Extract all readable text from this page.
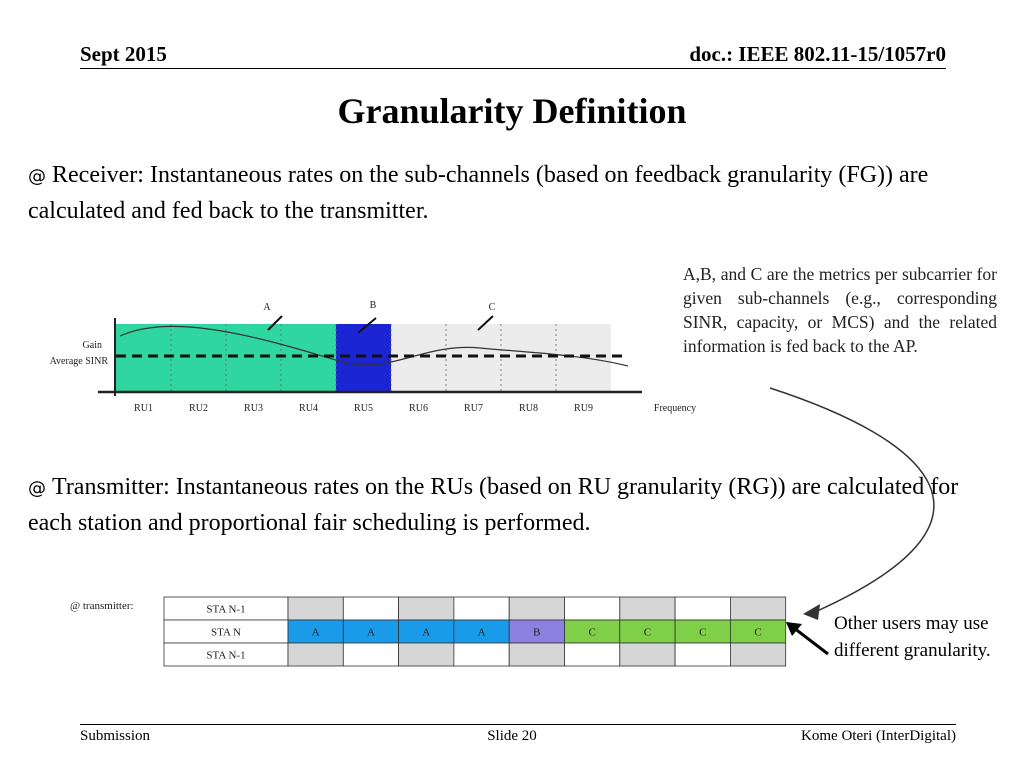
Sept 2015	doc.: IEEE 802.11-15/1057r0
Granularity Definition
@ Receiver: Instantaneous rates on the sub-channels (based on feedback granularity (FG)) are calculated and fed back to the transmitter.
Gain
Average SINR
Frequency
RU1	RU2	RU3	RU4	RU5	RU6	RU7	RU8	RU9
A	B	C
A,B, and C are the metrics per subcarrier for given sub-channels (e.g., corresponding SINR, capacity, or MCS) and the related information is fed back to the AP.
@ Transmitter: Instantaneous rates on the RUs (based on RU granularity (RG)) are calculated for each station and proportional fair scheduling is performed.
@ transmitter:	STA N-1
STA N	A	A	A	A	B	C	C	C	C
STA N-1
Other users may use different granularity.
Submission	Slide 20	Kome Oteri (InterDigital)
